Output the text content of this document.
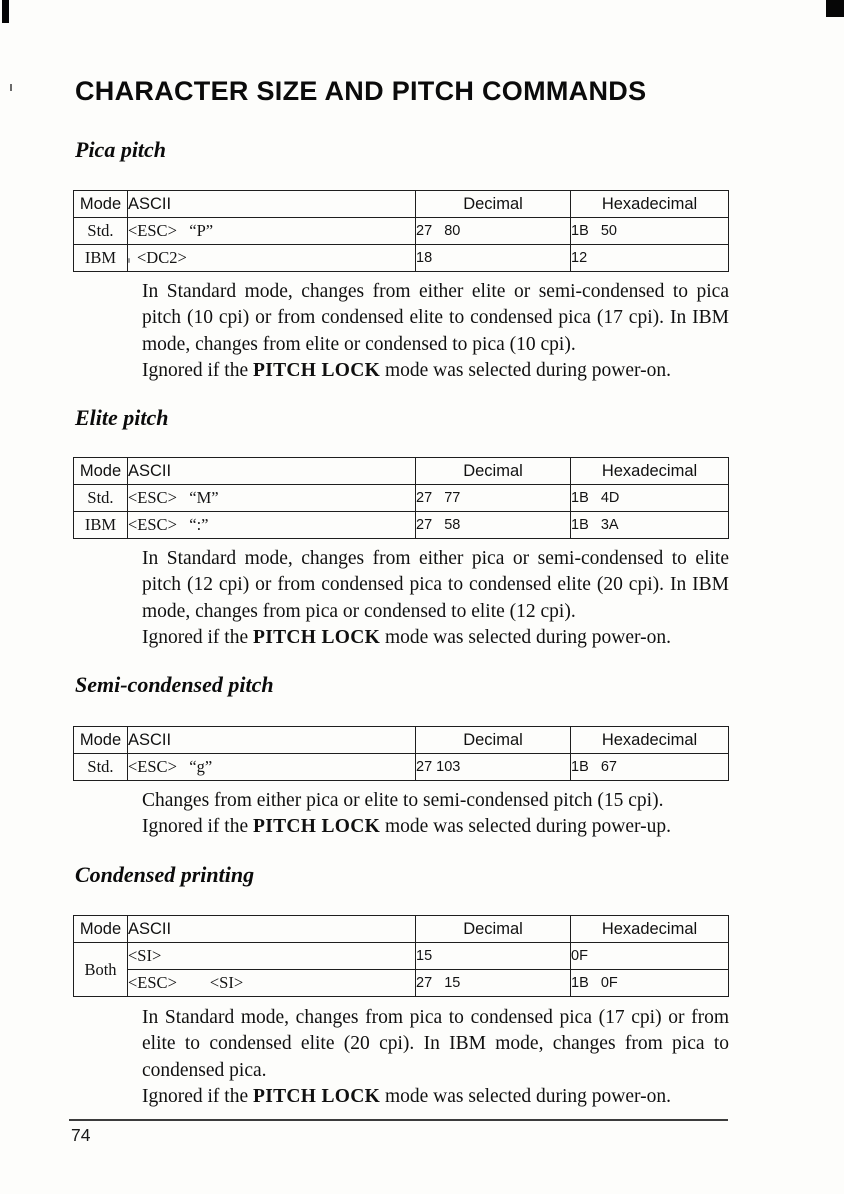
CHARACTER SIZE AND PITCH COMMANDS
Pica pitch
Mode	ASCII	Decimal	Hexadecimal
Std.	<ESC>   “P”	27   80	1B   50
IBM	<DC2>	18	12

In Standard mode, changes from either elite or semi-condensed to pica pitch (10 cpi) or from condensed elite to condensed pica (17 cpi). In IBM mode, changes from elite or condensed to pica (10 cpi).
Ignored if the PITCH LOCK mode was selected during power-on.

Elite pitch
Mode	ASCII	Decimal	Hexadecimal
Std.	<ESC>   “M”	27   77	1B   4D
IBM	<ESC>   “:”	27   58	1B   3A

In Standard mode, changes from either pica or semi-condensed to elite pitch (12 cpi) or from condensed pica to condensed elite (20 cpi). In IBM mode, changes from pica or condensed to elite (12 cpi).
Ignored if the PITCH LOCK mode was selected during power-on.

Semi-condensed pitch
Mode	ASCII	Decimal	Hexadecimal
Std.	<ESC>   “g”	27 103	1B   67

Changes from either pica or elite to semi-condensed pitch (15 cpi).
Ignored if the PITCH LOCK mode was selected during power-up.

Condensed printing
Mode	ASCII	Decimal	Hexadecimal
Both	<SI>	15	0F
	<ESC>        <SI>	27   15	1B   0F

In Standard mode, changes from pica to condensed pica (17 cpi) or from elite to condensed elite (20 cpi). In IBM mode, changes from pica to condensed pica.
Ignored if the PITCH LOCK mode was selected during power-on.

74
